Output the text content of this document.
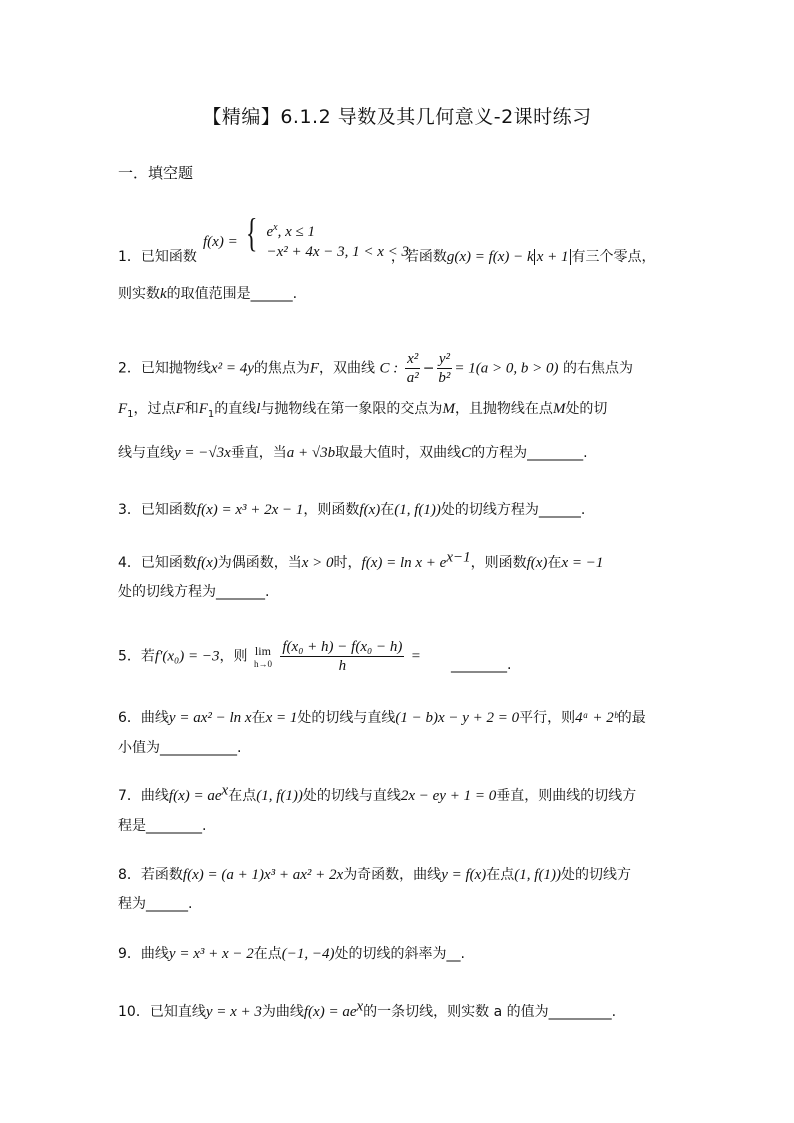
【精编】6.1.2 导数及其几何意义-2课时练习
一．填空题
f(x) = { $e^x$, x ≤ 1
−x² + 4x − 3, 1 < x < 3
1．已知函数	，若函数g(x) = f(x) − k x + 1 有三个零点，
则实数k的取值范围是______.
2．已知抛物线x² = 4y的焦点为F，双曲线 C : $\frac{\text{x²}}{\text{a²}} - \frac{\text{y²}}{\text{b²}} = 1(a > 0$, b > 0) 的右焦点为
$F_1$，过点F和$F_1$的直线l与抛物线在第一象限的交点为M，且抛物线在点M处的切
线与直线y = −√3x垂直，当a + √3b取最大值时，双曲线C的方程为________.
3．已知函数f(x) = x³ + 2x − 1，则函数f(x)在(1, f(1))处的切线方程为______.
4．已知函数f(x)为偶函数，当x > 0时，$f(x) = \ln x + e^{x-1}$，则函数f(x)在x = −1
处的切线方程为_______.
5．若f′(x₀) = −3，则 lim
h→0
$\frac{\text{f(x₀ + h) − f(x₀ − h)}}{h}$ =
________.
6．曲线y = ax² − ln x在x = 1处的切线与直线(1 − b)x − y + 2 = 0平行，则4ᵃ + 2ᵇ的最
小值为___________.
7．曲线$f(x) = ae^x$在点(1, f(1))处的切线与直线2x − ey + 1 = 0垂直，则曲线的切线方
程是________.
8．若函数f(x) = (a + 1)x³ + ax² + 2x为奇函数，曲线y = f(x)在点(1, f(1))处的切线方
程为______.
9．曲线y = x³ + x − 2在点(−1, −4)处的切线的斜率为__.
10．已知直线y = x + 3为曲线$f(x) = ae^x$的一条切线，则实数 a 的值为_________.
